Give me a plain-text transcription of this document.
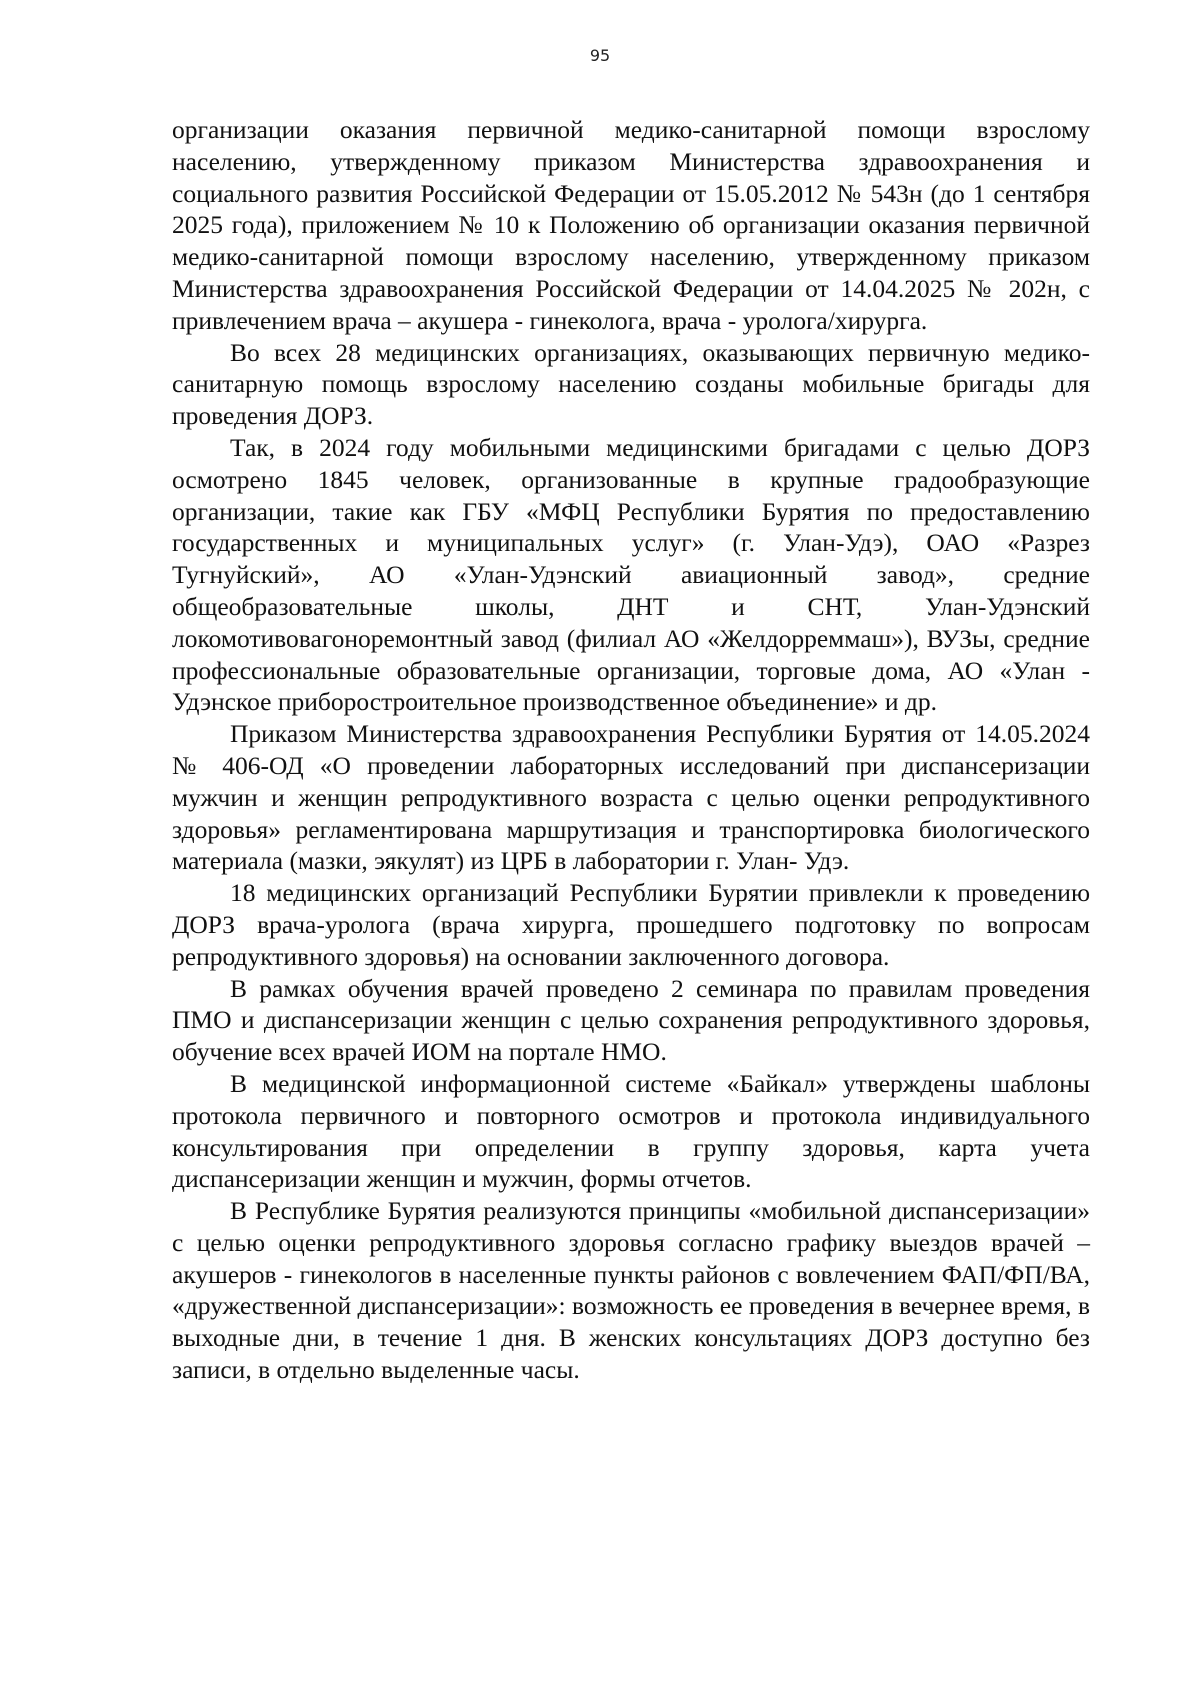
95

организации оказания первичной медико-санитарной помощи взрослому населению, утвержденному приказом Министерства здравоохранения и социального развития Российской Федерации от 15.05.2012 № 543н (до 1 сентября 2025 года), приложением № 10 к Положению об организации оказания первичной медико-санитарной помощи взрослому населению, утвержденному приказом Министерства здравоохранения Российской Федерации от 14.04.2025 № 202н, с привлечением врача – акушера - гинеколога, врача - уролога/хирурга.

Во всех 28 медицинских организациях, оказывающих первичную медико-санитарную помощь взрослому населению созданы мобильные бригады для проведения ДОРЗ.

Так, в 2024 году мобильными медицинскими бригадами с целью ДОРЗ осмотрено 1845 человек, организованные в крупные градообразующие организации, такие как ГБУ «МФЦ Республики Бурятия по предоставлению государственных и муниципальных услуг» (г. Улан-Удэ), ОАО «Разрез Тугнуйский», АО «Улан-Удэнский авиационный завод», средние общеобразовательные школы, ДНТ и СНТ, Улан-Удэнский локомотивовагоноремонтный завод (филиал АО «Желдорреммаш»), ВУЗы, средние профессиональные образовательные организации, торговые дома, АО «Улан - Удэнское приборостроительное производственное объединение» и др.

Приказом Министерства здравоохранения Республики Бурятия от 14.05.2024 № 406-ОД «О проведении лабораторных исследований при диспансеризации мужчин и женщин репродуктивного возраста с целью оценки репродуктивного здоровья» регламентирована маршрутизация и транспортировка биологического материала (мазки, эякулят) из ЦРБ в лаборатории г. Улан- Удэ.

18 медицинских организаций Республики Бурятии привлекли к проведению ДОРЗ врача-уролога (врача хирурга, прошедшего подготовку по вопросам репродуктивного здоровья) на основании заключенного договора.

В рамках обучения врачей проведено 2 семинара по правилам проведения ПМО и диспансеризации женщин с целью сохранения репродуктивного здоровья, обучение всех врачей ИОМ на портале НМО.

В медицинской информационной системе «Байкал» утверждены шаблоны протокола первичного и повторного осмотров и протокола индивидуального консультирования при определении в группу здоровья, карта учета диспансеризации женщин и мужчин, формы отчетов.

В Республике Бурятия реализуются принципы «мобильной диспансеризации» с целью оценки репродуктивного здоровья согласно графику выездов врачей – акушеров - гинекологов в населенные пункты районов с вовлечением ФАП/ФП/ВА, «дружественной диспансеризации»: возможность ее проведения в вечернее время, в выходные дни, в течение 1 дня. В женских консультациях ДОРЗ доступно без записи, в отдельно выделенные часы.
